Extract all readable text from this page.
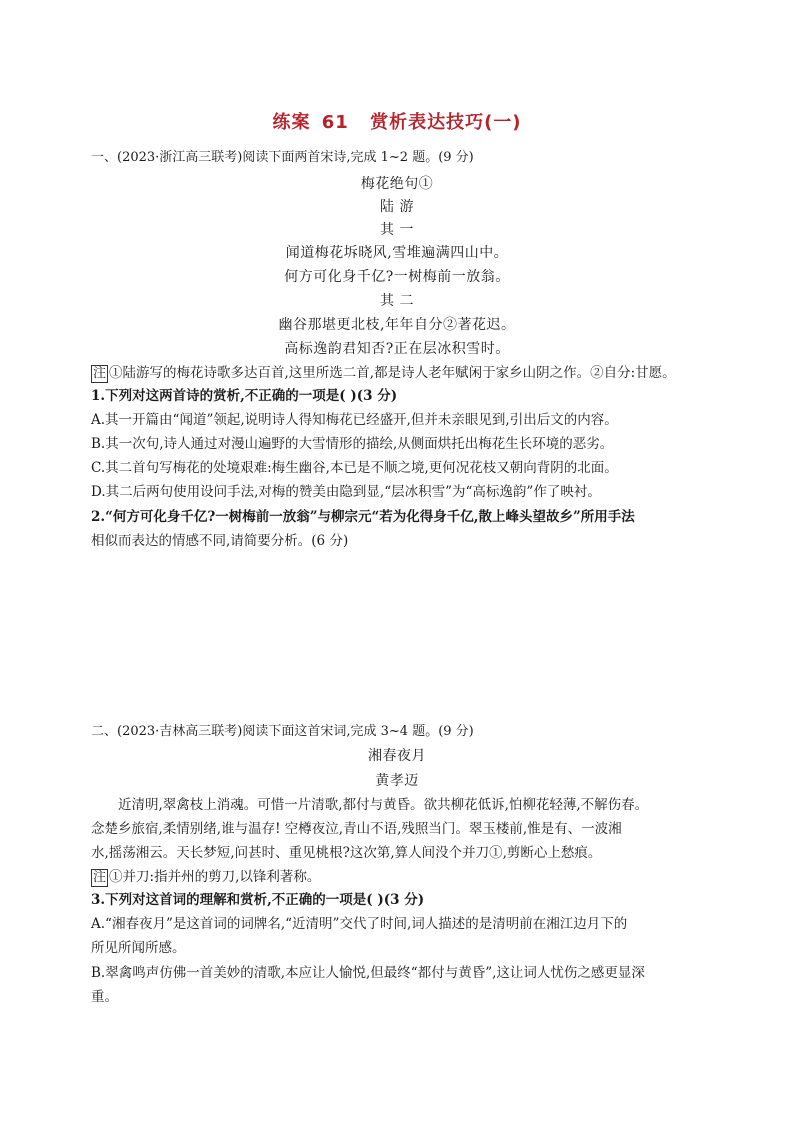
练案 61 赏析表达技巧(一)
一、(2023·浙江高三联考)阅读下面两首宋诗,完成 1~2 题。(9 分)
梅花绝句①
陆 游
其 一
闻道梅花坼晓风,雪堆遍满四山中。
何方可化身千亿?一树梅前一放翁。
其 二
幽谷那堪更北枝,年年自分②著花迟。
高标逸韵君知否?正在层冰积雪时。
注 ①陆游写的梅花诗歌多达百首,这里所选二首,都是诗人老年赋闲于家乡山阴之作。②自分:甘愿。
1.下列对这两首诗的赏析,不正确的一项是( )(3 分)
A.其一开篇由“闻道”领起,说明诗人得知梅花已经盛开,但并未亲眼见到,引出后文的内容。
B.其一次句,诗人通过对漫山遍野的大雪情形的描绘,从侧面烘托出梅花生长环境的恶劣。
C.其二首句写梅花的处境艰难:梅生幽谷,本已是不顺之境,更何况花枝又朝向背阴的北面。
D.其二后两句使用设问手法,对梅的赞美由隐到显,“层冰积雪”为“高标逸韵”作了映衬。
2.“何方可化身千亿?一树梅前一放翁”与柳宗元“若为化得身千亿,散上峰头望故乡”所用手法
相似而表达的情感不同,请简要分析。(6 分)
二、(2023·吉林高三联考)阅读下面这首宋词,完成 3~4 题。(9 分)
湘春夜月
黄孝迈
近清明,翠禽枝上消魂。可惜一片清歌,都付与黄昏。欲共柳花低诉,怕柳花轻薄,不解伤春。
念楚乡旅宿,柔情别绪,谁与温存! 空樽夜泣,青山不语,残照当门。翠玉楼前,惟是有、一波湘
水,摇荡湘云。天长梦短,问甚时、重见桃根?这次第,算人间没个并刀①,剪断心上愁痕。
注 ①并刀:指并州的剪刀,以锋利著称。
3.下列对这首词的理解和赏析,不正确的一项是( )(3 分)
A.“湘春夜月”是这首词的词牌名,“近清明”交代了时间,词人描述的是清明前在湘江边月下的
所见所闻所感。
B.翠禽鸣声仿佛一首美妙的清歌,本应让人愉悦,但最终“都付与黄昏”,这让词人忧伤之感更显深
重。
